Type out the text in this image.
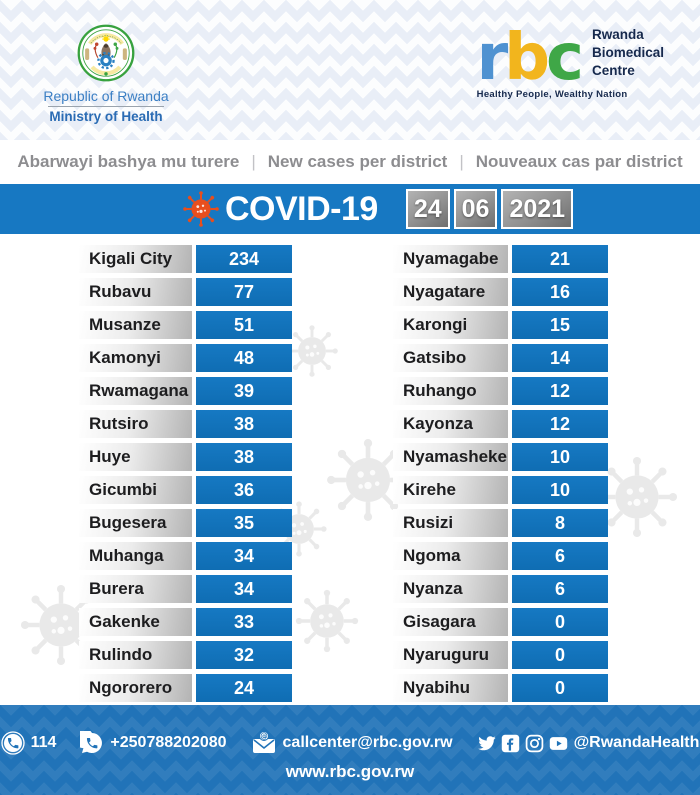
Republic of Rwanda
Ministry of Health
rbc Rwanda
Biomedical
Centre
Healthy People, Wealthy Nation
Abarwayi bashya mu turere | New cases per district | Nouveaux cas par district
COVID-19	24 06 2021
Kigali City	234
Rubavu	77
Musanze	51
Kamonyi	48
Rwamagana	39
Rutsiro	38
Huye	38
Gicumbi	36
Bugesera	35
Muhanga	34
Burera	34
Gakenke	33
Rulindo	32
Ngororero	24
Nyamagabe	21
Nyagatare	16
Karongi	15
Gatsibo	14
Ruhango	12
Kayonza	12
Nyamasheke	10
Kirehe	10
Rusizi	8
Ngoma	6
Nyanza	6
Gisagara	0
Nyaruguru	0
Nyabihu	0
114	+250788202080	@ callcenter@rbc.gov.rw	@RwandaHealth
www.rbc.gov.rw
